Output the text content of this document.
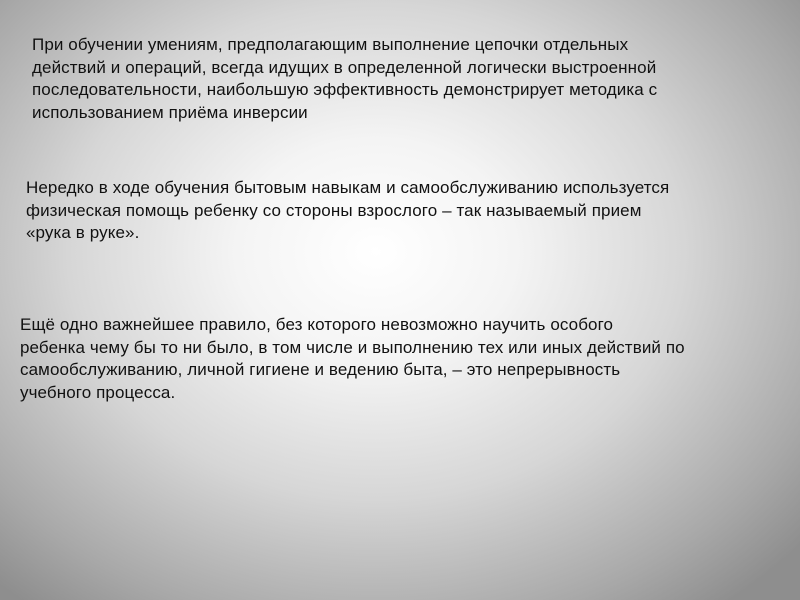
При обучении умениям, предполагающим выполнение цепочки отдельных
действий и операций, всегда идущих в определенной логически выстроенной
последовательности, наибольшую эффективность демонстрирует методика с
использованием приёма инверсии

Нередко в ходе обучения бытовым навыкам и самообслуживанию используется
физическая помощь ребенку со стороны взрослого – так называемый прием
«рука в руке».

Ещё одно важнейшее правило, без которого невозможно научить особого
ребенка чему бы то ни было, в том числе и выполнению тех или иных действий по
самообслуживанию, личной гигиене и ведению быта, – это непрерывность
учебного процесса.
